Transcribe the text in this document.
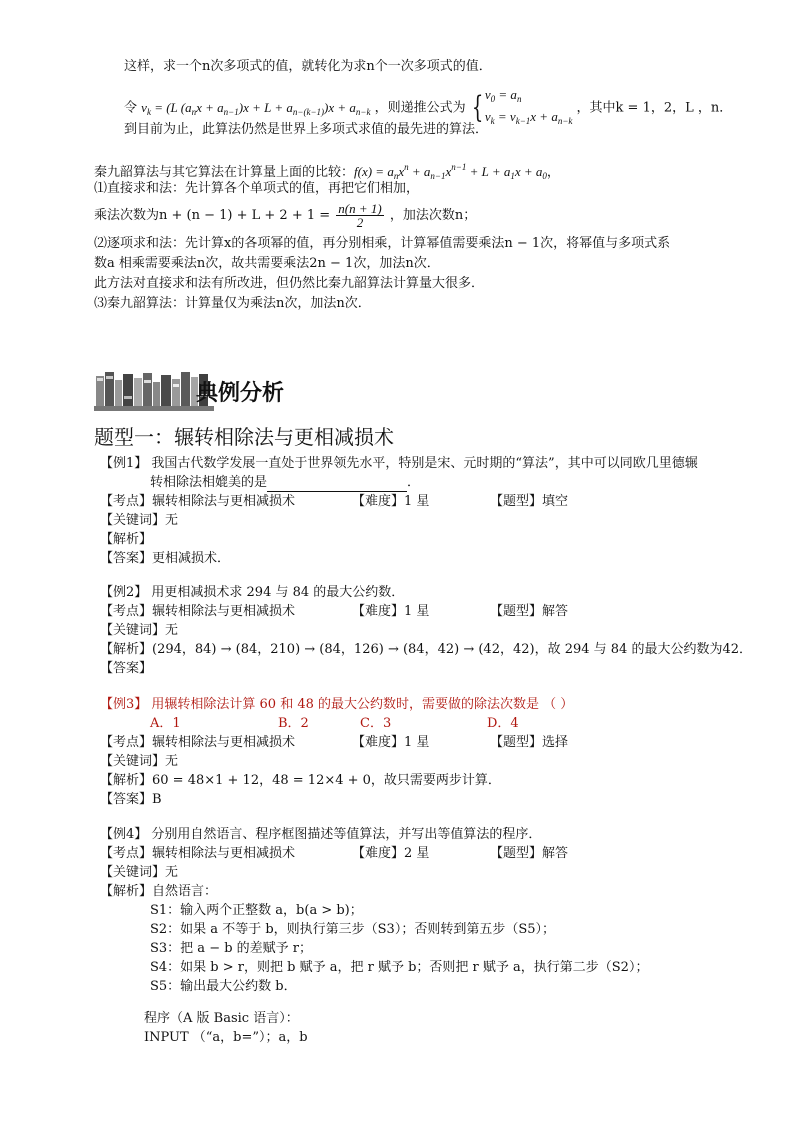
这样，求一个n次多项式的值，就转化为求n个一次多项式的值．
令 $v_k = (L$ $(a_nx + a_{n-1})x + L + a_{n-(k-1)})x + a_{n-k}$ ，则递推公式为 { $v_0 = a_n$
$v_k = v_{k-1}x + a_{n-k}$ ，其中k = 1，2，L ，n．
到目前为止，此算法仍然是世界上多项式求值的最先进的算法．
秦九韶算法与其它算法在计算量上面的比较：$f(x) = a_nx^n + a_{n-1}x^{n-1} + L + a_1x + a_0$，
⑴直接求和法：先计算各个单项式的值，再把它们相加，
乘法次数为$n + (n - 1) + L + 2 + 1 = \frac{n(n + 1)}{2}$ ，加法次数n；
⑵逐项求和法：先计算x的各项幂的值，再分别相乘，计算幂值需要乘法n − 1次，将幂值与多项式系
数a 相乘需要乘法n次，故共需要乘法2n − 1次，加法n次．
此方法对直接求和法有所改进，但仍然比秦九韶算法计算量大很多．
⑶秦九韶算法：计算量仅为乘法n次，加法n次．
典例分析
题型一：辗转相除法与更相减损术
【例1】 我国古代数学发展一直处于世界领先水平，特别是宋、元时期的“算法”，其中可以同欧几里德辗
转相除法相媲美的是	．
【考点】辗转相除法与更相减损术	【难度】1 星	【题型】填空
【关键词】无
【解析】
【答案】更相减损术．
【例2】 用更相减损术求 294 与 84 的最大公约数．
【考点】辗转相除法与更相减损术	【难度】1 星	【题型】解答
【关键词】无
【解析】(294，84) → (84，210) → (84，126) → (84，42) → (42，42)，故 294 与 84 的最大公约数为42．
【答案】
【例3】 用辗转相除法计算 60 和 48 的最大公约数时，需要做的除法次数是 （ ）
A．1	B．2	C．3	D．4
【考点】辗转相除法与更相减损术	【难度】1 星	【题型】选择
【关键词】无
【解析】60 = 48×1 + 12，48 = 12×4 + 0，故只需要两步计算．
【答案】B
【例4】 分别用自然语言、程序框图描述等值算法，并写出等值算法的程序．
【考点】辗转相除法与更相减损术	【难度】2 星	【题型】解答
【关键词】无
【解析】自然语言：
S1：输入两个正整数 a，b(a > b)；
S2：如果 a 不等于 b，则执行第三步（S3）；否则转到第五步（S5）；
S3：把 a − b 的差赋予 r；
S4：如果 b > r，则把 b 赋予 a，把 r 赋予 b；否则把 r 赋予 a，执行第二步（S2）；
S5：输出最大公约数 b．
程序（A 版 Basic 语言）：
INPUT （“a，b=”）；a，b
